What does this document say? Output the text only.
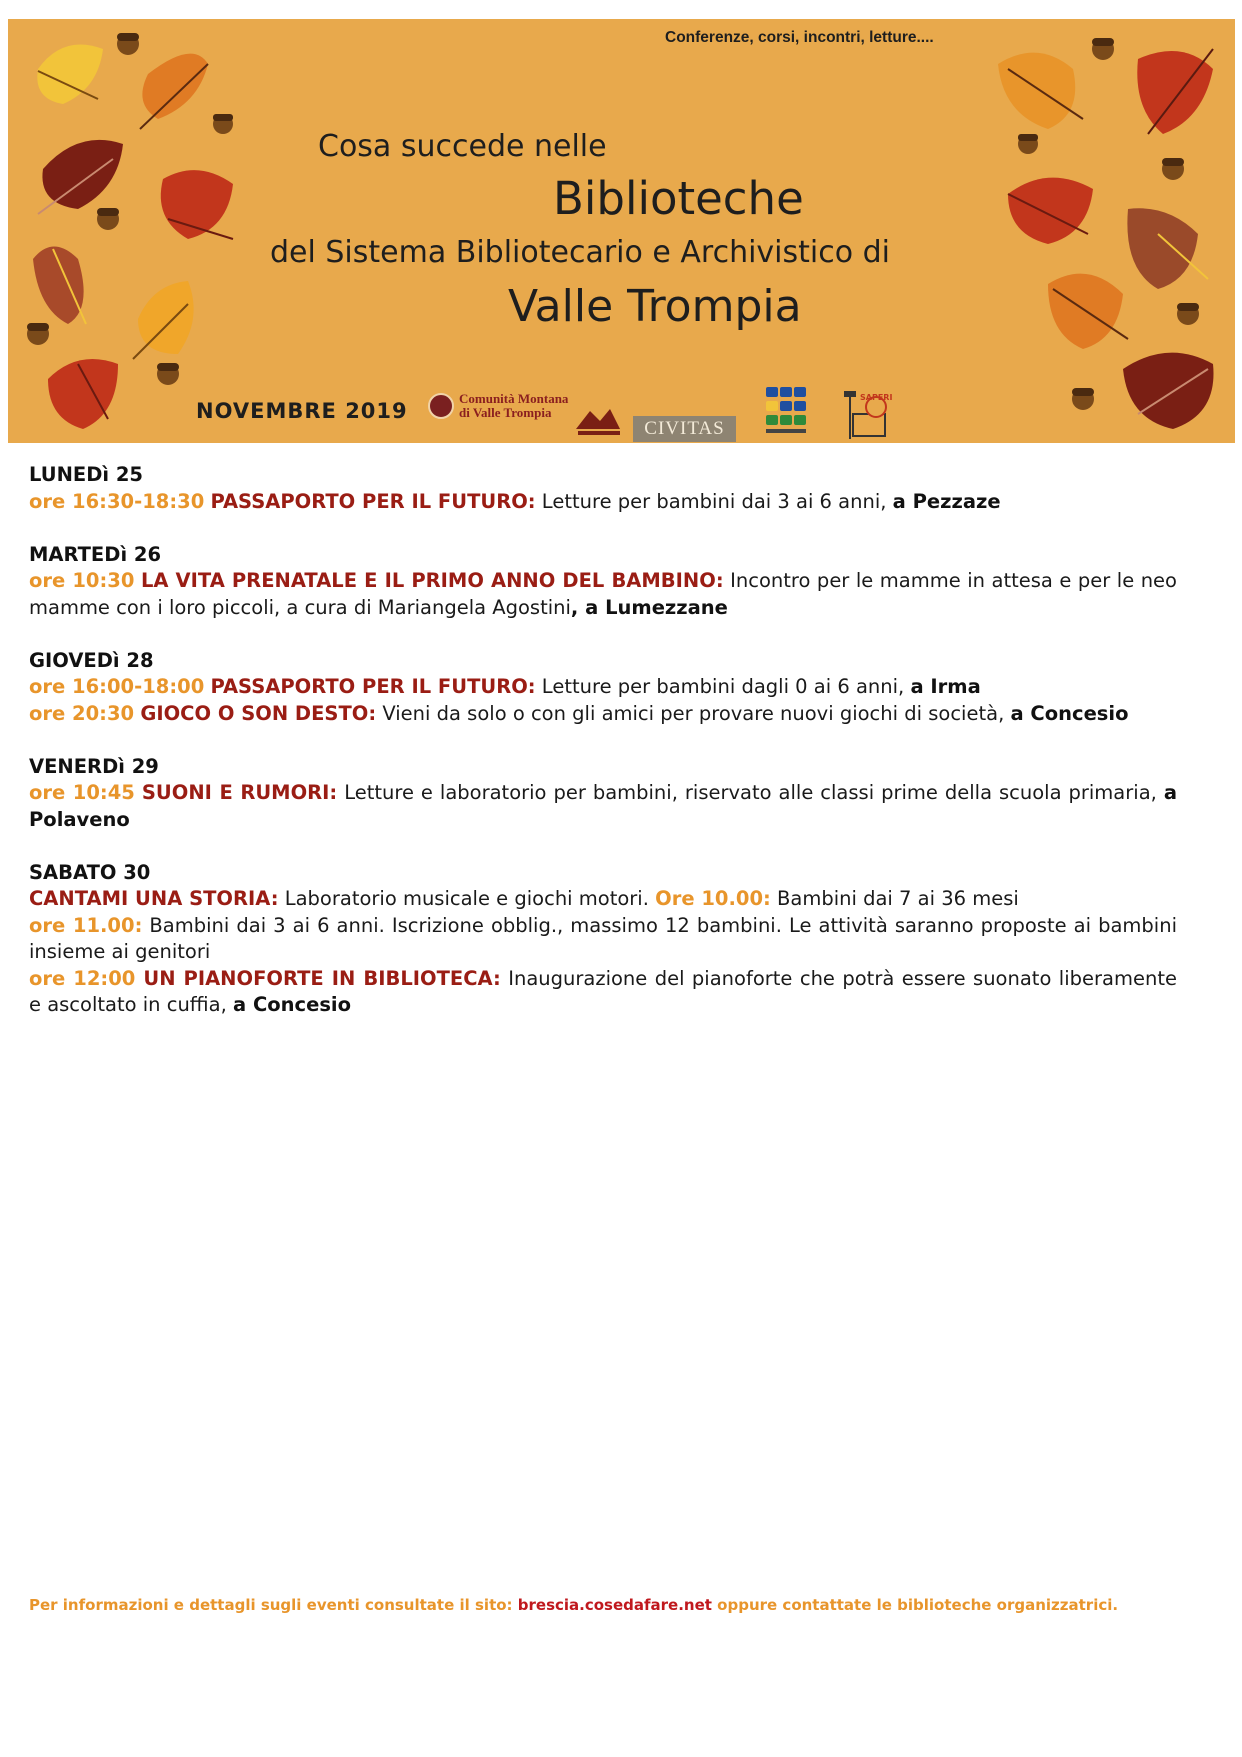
SAPERI
Conferenze, corsi, incontri, letture....
Cosa succede nelle
Biblioteche
del Sistema Bibliotecario e Archivistico di
Valle Trompia
NOVEMBRE 2019
Comunità Montana
di Valle Trompia
CIVITAS
LUNEDì 25
ore 16:30-18:30 PASSAPORTO PER IL FUTURO: Letture per bambini dai 3 ai 6 anni, a Pezzaze
MARTEDì 26
ore 10:30 LA VITA PRENATALE E IL PRIMO ANNO DEL BAMBINO: Incontro per le mamme in attesa e per le neo mamme con i loro piccoli, a cura di Mariangela Agostini, a Lumezzane
GIOVEDì 28
ore 16:00-18:00 PASSAPORTO PER IL FUTURO: Letture per bambini dagli 0 ai 6 anni, a Irma
ore 20:30 GIOCO O SON DESTO: Vieni da solo o con gli amici per provare nuovi giochi di società, a Concesio
VENERDì 29
ore 10:45 SUONI E RUMORI: Letture e laboratorio per bambini, riservato alle classi prime della scuola primaria, a Polaveno
SABATO 30
CANTAMI UNA STORIA: Laboratorio musicale e giochi motori. Ore 10.00: Bambini dai 7 ai 36 mesi
ore 11.00: Bambini dai 3 ai 6 anni. Iscrizione obblig., massimo 12 bambini. Le attività saranno proposte ai bambini insieme ai genitori
ore 12:00 UN PIANOFORTE IN BIBLIOTECA: Inaugurazione del pianoforte che potrà essere suonato liberamente e ascoltato in cuffia, a Concesio
Per informazioni e dettagli sugli eventi consultate il sito: brescia.cosedafare.net oppure contattate le biblioteche organizzatrici.
